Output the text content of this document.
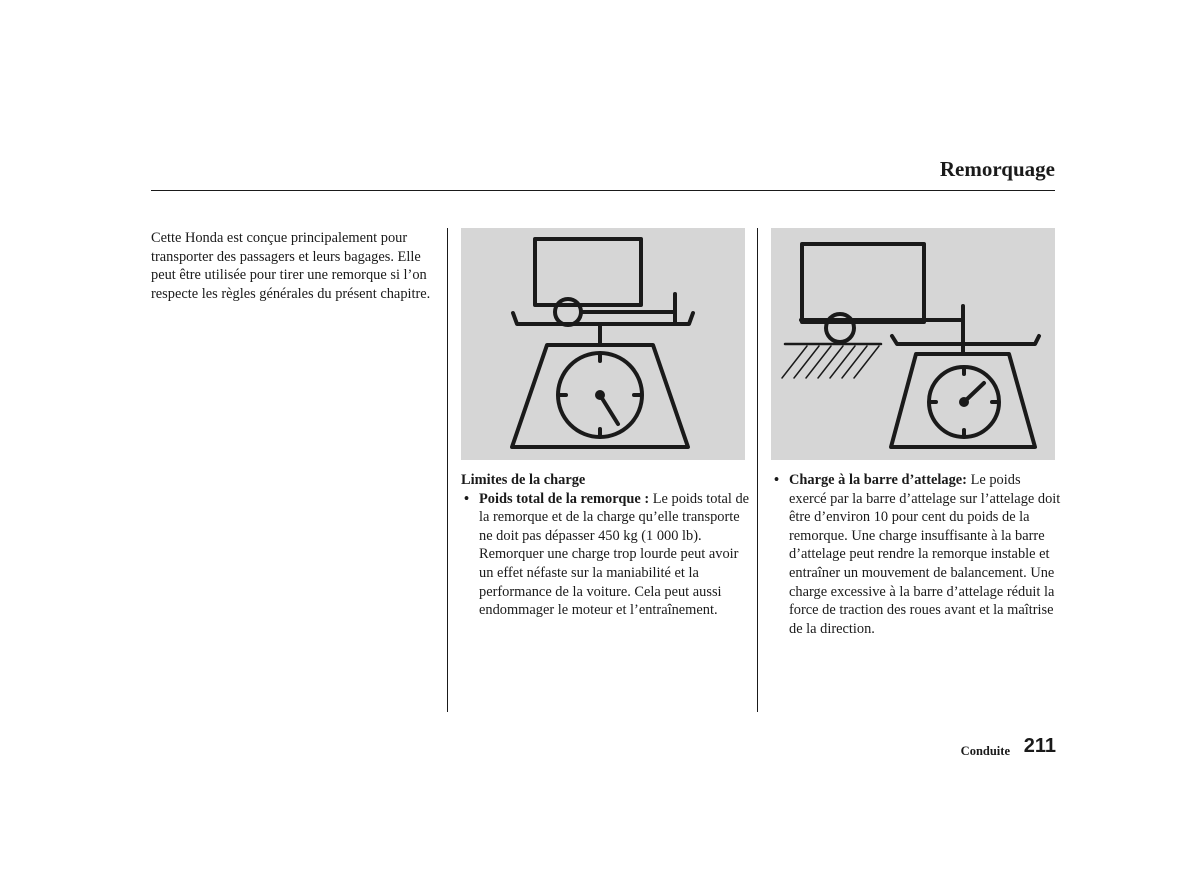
Remorquage

Cette Honda est conçue principalement pour transporter des passagers et leurs bagages. Elle peut être utilisée pour tirer une remorque si l’on respecte les règles générales du présent chapitre.

Limites de la charge

• Poids total de la remorque : Le poids total de la remorque et de la charge qu’elle transporte ne doit pas dépasser 450 kg (1 000 lb). Remorquer une charge trop lourde peut avoir un effet néfaste sur la maniabilité et la performance de la voiture. Cela peut aussi endommager le moteur et l’entraînement.

• Charge à la barre d’attelage: Le poids exercé par la barre d’attelage sur l’attelage doit être d’environ 10 pour cent du poids de la remorque. Une charge insuffisante à la barre d’attelage peut rendre la remorque instable et entraîner un mouvement de balancement. Une charge excessive à la barre d’attelage réduit la force de traction des roues avant et la maîtrise de la direction.

Conduite 211
